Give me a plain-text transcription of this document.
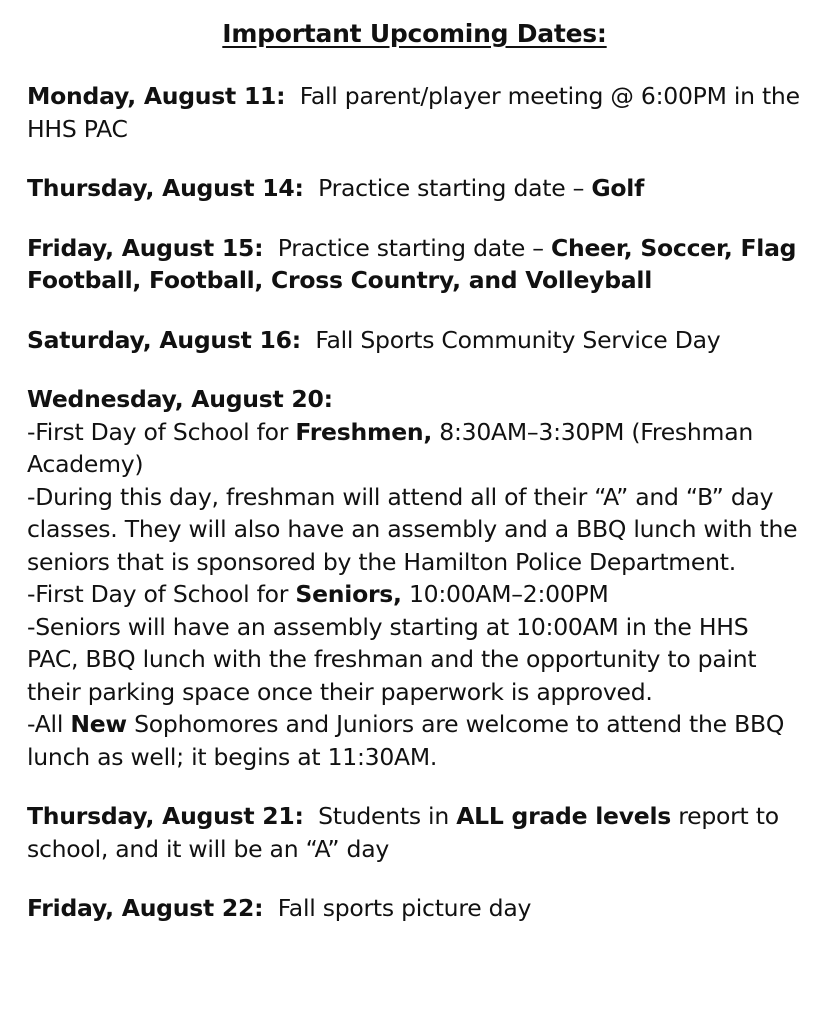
Important Upcoming Dates:

Monday, August 11: Fall parent/player meeting @ 6:00PM in the HHS PAC

Thursday, August 14: Practice starting date – Golf

Friday, August 15: Practice starting date – Cheer, Soccer, Flag Football, Football, Cross Country, and Volleyball

Saturday, August 16: Fall Sports Community Service Day

Wednesday, August 20:

-First Day of School for Freshmen, 8:30AM–3:30PM (Freshman Academy)

-During this day, freshman will attend all of their “A” and “B” day classes. They will also have an assembly and a BBQ lunch with the seniors that is sponsored by the Hamilton Police Department.

-First Day of School for Seniors, 10:00AM–2:00PM

-Seniors will have an assembly starting at 10:00AM in the HHS PAC, BBQ lunch with the freshman and the opportunity to paint their parking space once their paperwork is approved.

-All New Sophomores and Juniors are welcome to attend the BBQ lunch as well; it begins at 11:30AM.

Thursday, August 21: Students in ALL grade levels report to school, and it will be an “A” day

Friday, August 22: Fall sports picture day
